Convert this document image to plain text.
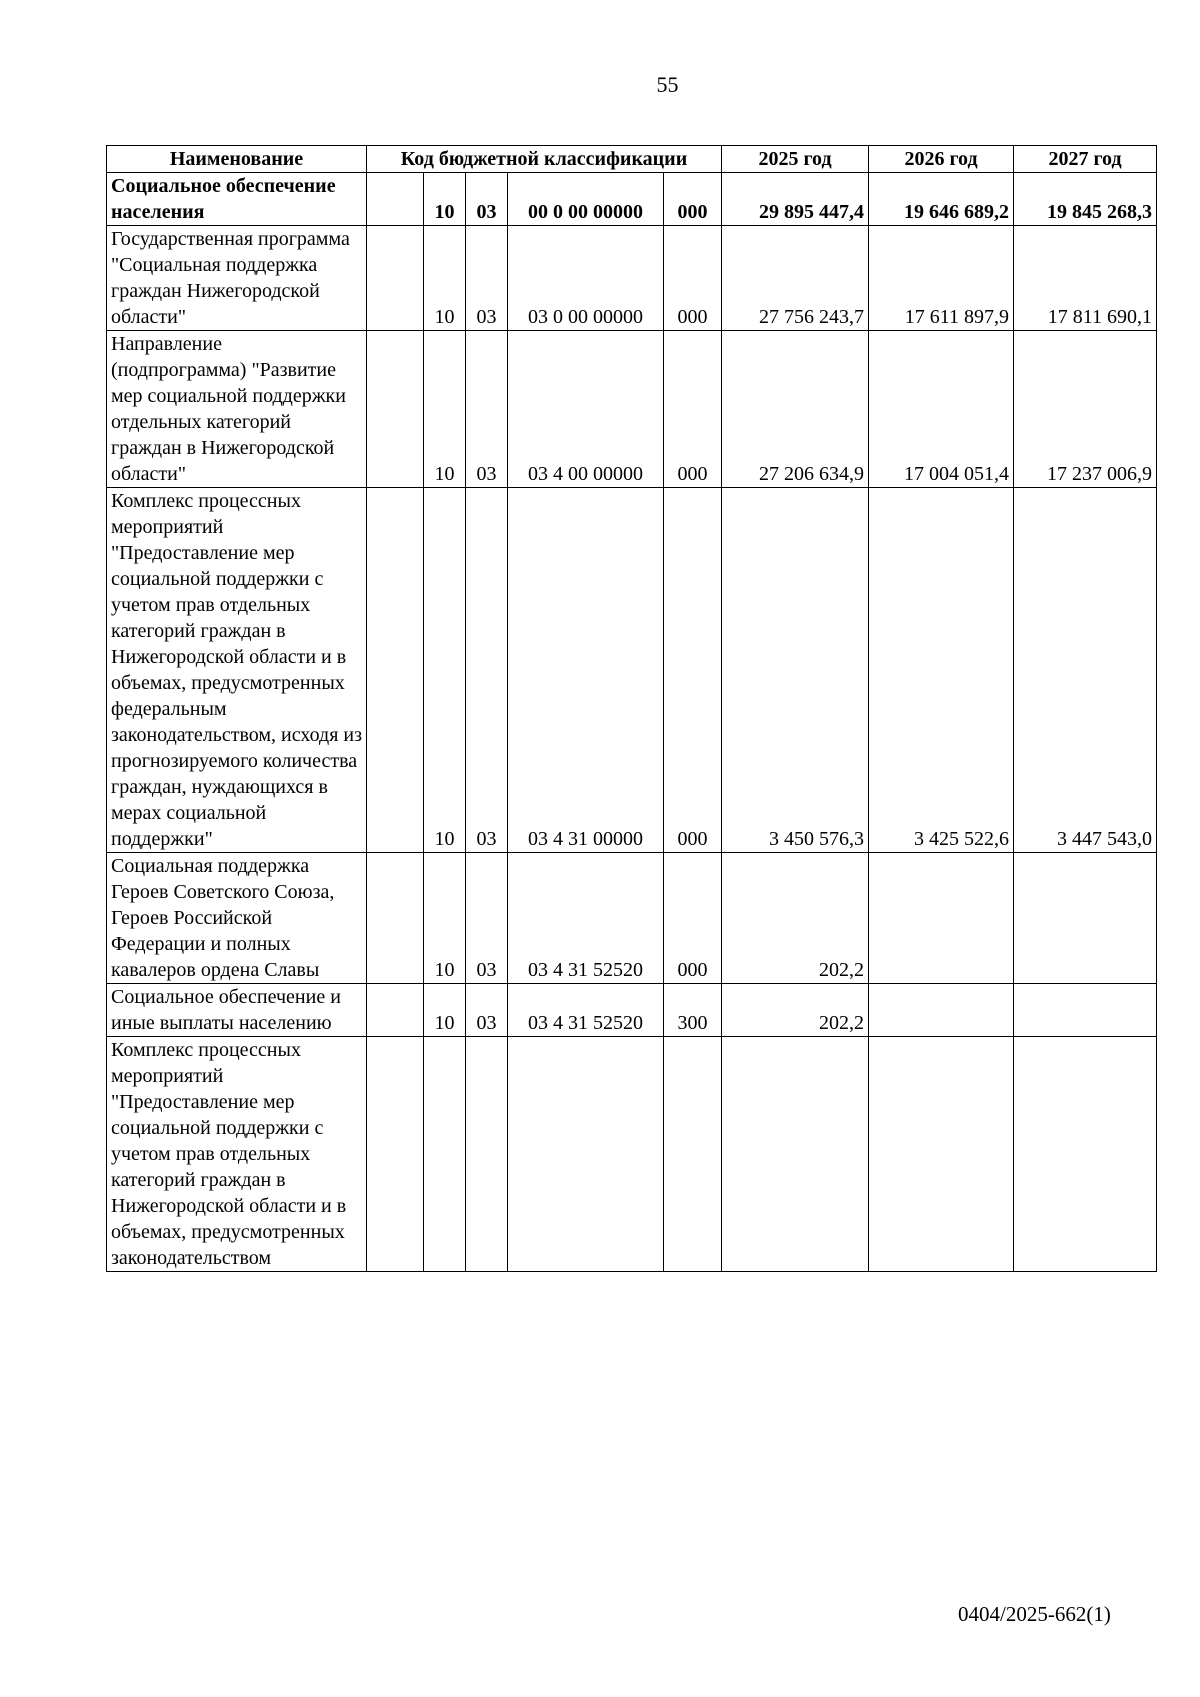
55
Наименование	Код бюджетной классификации					2025 год	2026 год	2027 год
Социальное обеспечение населения		10	03	00 0 00 00000	000	29 895 447,4	19 646 689,2	19 845 268,3
Государственная программа "Социальная поддержка граждан Нижегородской области"		10	03	03 0 00 00000	000	27 756 243,7	17 611 897,9	17 811 690,1
Направление (подпрограмма) "Развитие мер социальной поддержки отдельных категорий граждан в Нижегородской области"		10	03	03 4 00 00000	000	27 206 634,9	17 004 051,4	17 237 006,9
Комплекс процессных мероприятий "Предоставление мер социальной поддержки с учетом прав отдельных категорий граждан в Нижегородской области и в объемах, предусмотренных федеральным законодательством, исходя из прогнозируемого количества граждан, нуждающихся в мерах социальной поддержки"		10	03	03 4 31 00000	000	3 450 576,3	3 425 522,6	3 447 543,0
Социальная поддержка Героев Советского Союза, Героев Российской Федерации и полных кавалеров ордена Славы		10	03	03 4 31 52520	000	202,2		
Социальное обеспечение и иные выплаты населению		10	03	03 4 31 52520	300	202,2		
Комплекс процессных мероприятий "Предоставление мер социальной поддержки с учетом прав отдельных категорий граждан в Нижегородской области и в объемах, предусмотренных законодательством								
0404/2025-662(1)
